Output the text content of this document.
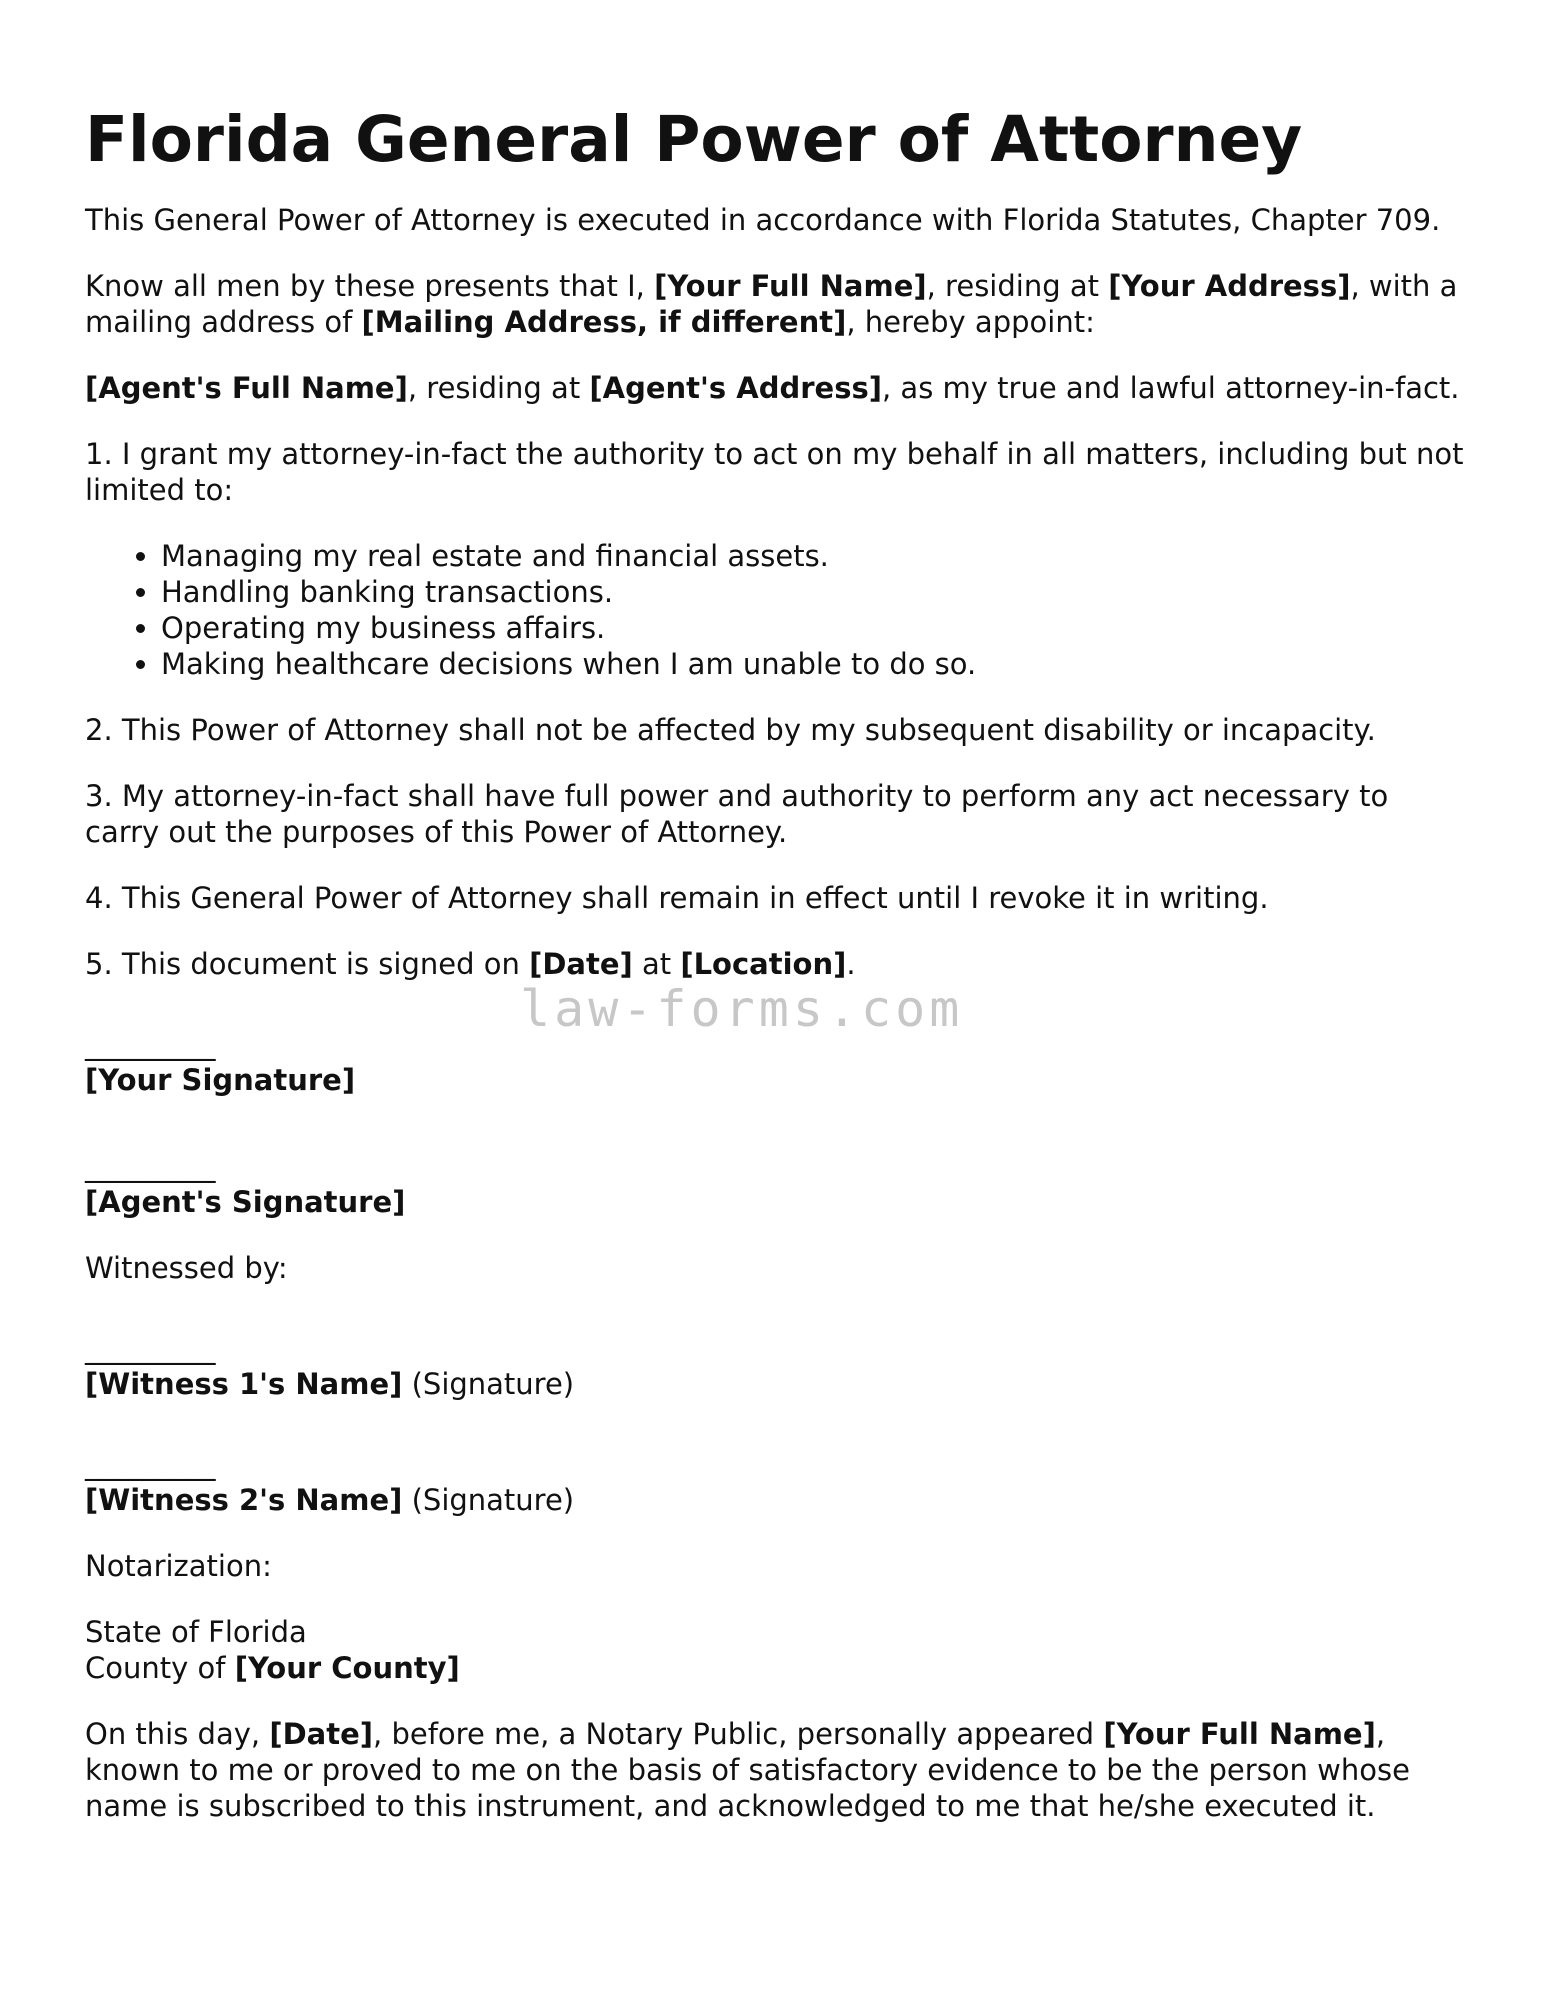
Florida General Power of Attorney

This General Power of Attorney is executed in accordance with Florida Statutes, Chapter 709.

Know all men by these presents that I, [Your Full Name], residing at [Your Address], with a mailing address of [Mailing Address, if different], hereby appoint:

[Agent's Full Name], residing at [Agent's Address], as my true and lawful attorney-in-fact.

1. I grant my attorney-in-fact the authority to act on my behalf in all matters, including but not limited to:

• Managing my real estate and financial assets.
• Handling banking transactions.
• Operating my business affairs.
• Making healthcare decisions when I am unable to do so.

2. This Power of Attorney shall not be affected by my subsequent disability or incapacity.

3. My attorney-in-fact shall have full power and authority to perform any act necessary to carry out the purposes of this Power of Attorney.

4. This General Power of Attorney shall remain in effect until I revoke it in writing.

5. This document is signed on [Date] at [Location].

_________
[Your Signature]
_________
[Agent's Signature]

Witnessed by:

_________
[Witness 1's Name] (Signature)
_________
[Witness 2's Name] (Signature)

Notarization:

State of Florida
County of [Your County]

On this day, [Date], before me, a Notary Public, personally appeared [Your Full Name], known to me or proved to me on the basis of satisfactory evidence to be the person whose name is subscribed to this instrument, and acknowledged to me that he/she executed it.

law-forms.com
